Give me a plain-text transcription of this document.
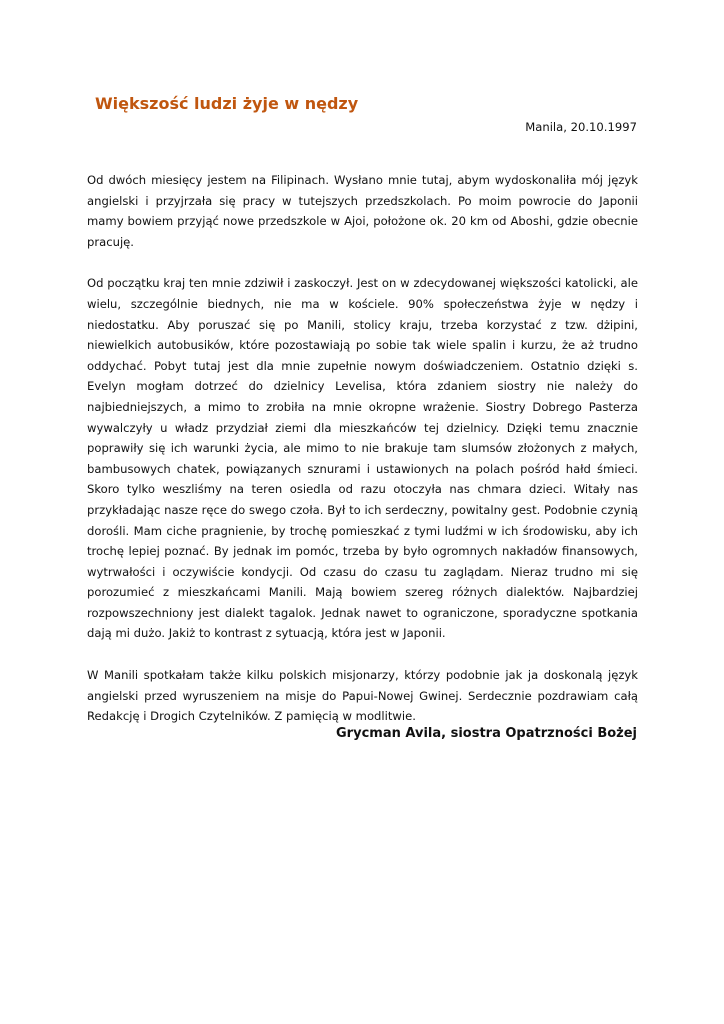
Większość ludzi żyje w nędzy

Manila, 20.10.1997

Od dwóch miesięcy jestem na Filipinach. Wysłano mnie tutaj, abym wydoskonaliła mój język angielski i przyjrzała się pracy w tutejszych przedszkolach. Po moim powrocie do Japonii mamy bowiem przyjąć nowe przedszkole w Ajoi, położone ok. 20 km od Aboshi, gdzie obecnie pracuję.

Od początku kraj ten mnie zdziwił i zaskoczył. Jest on w zdecydowanej większości katolicki, ale wielu, szczególnie biednych, nie ma w kościele. 90% społeczeństwa żyje w nędzy i niedostatku. Aby poruszać się po Manili, stolicy kraju, trzeba korzystać z tzw. dżipini, niewielkich autobusików, które pozostawiają po sobie tak wiele spalin i kurzu, że aż trudno oddychać. Pobyt tutaj jest dla mnie zupełnie nowym doświadczeniem. Ostatnio dzięki s. Evelyn mogłam dotrzeć do dzielnicy Levelisa, która zdaniem siostry nie należy do najbiedniejszych, a mimo to zrobiła na mnie okropne wrażenie. Siostry Dobrego Pasterza wywalczyły u władz przydział ziemi dla mieszkańców tej dzielnicy. Dzięki temu znacznie poprawiły się ich warunki życia, ale mimo to nie brakuje tam slumsów złożonych z małych, bambusowych chatek, powiązanych sznurami i ustawionych na polach pośród hałd śmieci. Skoro tylko weszliśmy na teren osiedla od razu otoczyła nas chmara dzieci. Witały nas przykładając nasze ręce do swego czoła. Był to ich serdeczny, powitalny gest. Podobnie czynią dorośli. Mam ciche pragnienie, by trochę pomieszkać z tymi ludźmi w ich środowisku, aby ich trochę lepiej poznać. By jednak im pomóc, trzeba by było ogromnych nakładów finansowych, wytrwałości i oczywiście kondycji. Od czasu do czasu tu zaglądam. Nieraz trudno mi się porozumieć z mieszkańcami Manili. Mają bowiem szereg różnych dialektów. Najbardziej rozpowszechniony jest dialekt tagalok. Jednak nawet to ograniczone, sporadyczne spotkania dają mi dużo. Jakiż to kontrast z sytuacją, która jest w Japonii.

W Manili spotkałam także kilku polskich misjonarzy, którzy podobnie jak ja doskonalą język angielski przed wyruszeniem na misje do Papui-Nowej Gwinej. Serdecznie pozdrawiam całą Redakcję i Drogich Czytelników. Z pamięcią w modlitwie.

Grycman Avila, siostra Opatrzności Bożej
